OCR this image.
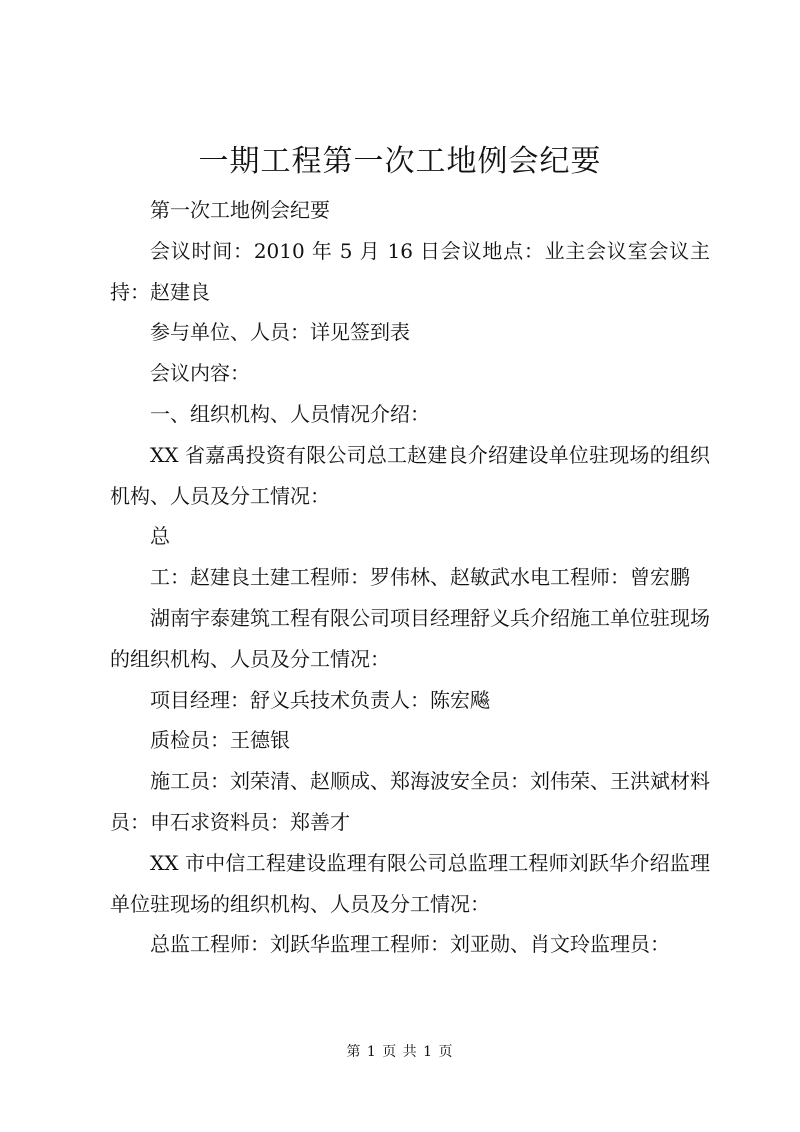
一期工程第一次工地例会纪要

第一次工地例会纪要

会议时间：2010 年 5 月 16 日会议地点：业主会议室会议主持：赵建良

参与单位、人员：详见签到表

会议内容：

一、组织机构、人员情况介绍：

XX 省嘉禹投资有限公司总工赵建良介绍建设单位驻现场的组织机构、人员及分工情况：

总

工：赵建良土建工程师：罗伟林、赵敏武水电工程师：曾宏鹏

湖南宇泰建筑工程有限公司项目经理舒义兵介绍施工单位驻现场的组织机构、人员及分工情况：

项目经理：舒义兵技术负责人：陈宏飚

质检员：王德银

施工员：刘荣清、赵顺成、郑海波安全员：刘伟荣、王洪斌材料员：申石求资料员：郑善才

XX 市中信工程建设监理有限公司总监理工程师刘跃华介绍监理单位驻现场的组织机构、人员及分工情况：

总监工程师：刘跃华监理工程师：刘亚勋、肖文玲监理员：

第 1 页 共 1 页
